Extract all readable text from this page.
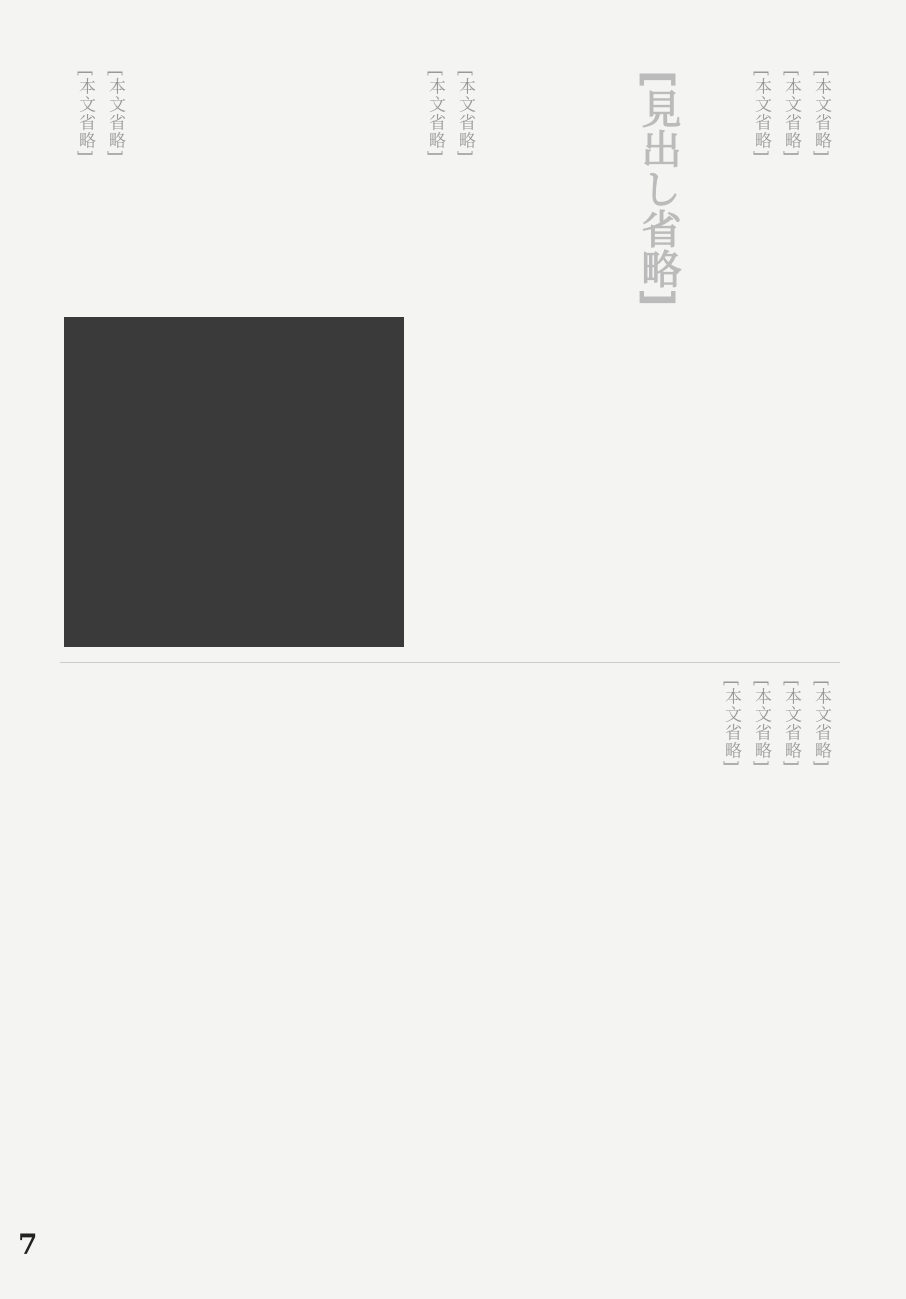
[見出し省略]	[本文省略]
[本文省略]
[本文省略]
[本文省略]
[本文省略]
[本文省略]
[本文省略]
[本文省略]
[本文省略]
[本文省略]
[本文省略]
7
